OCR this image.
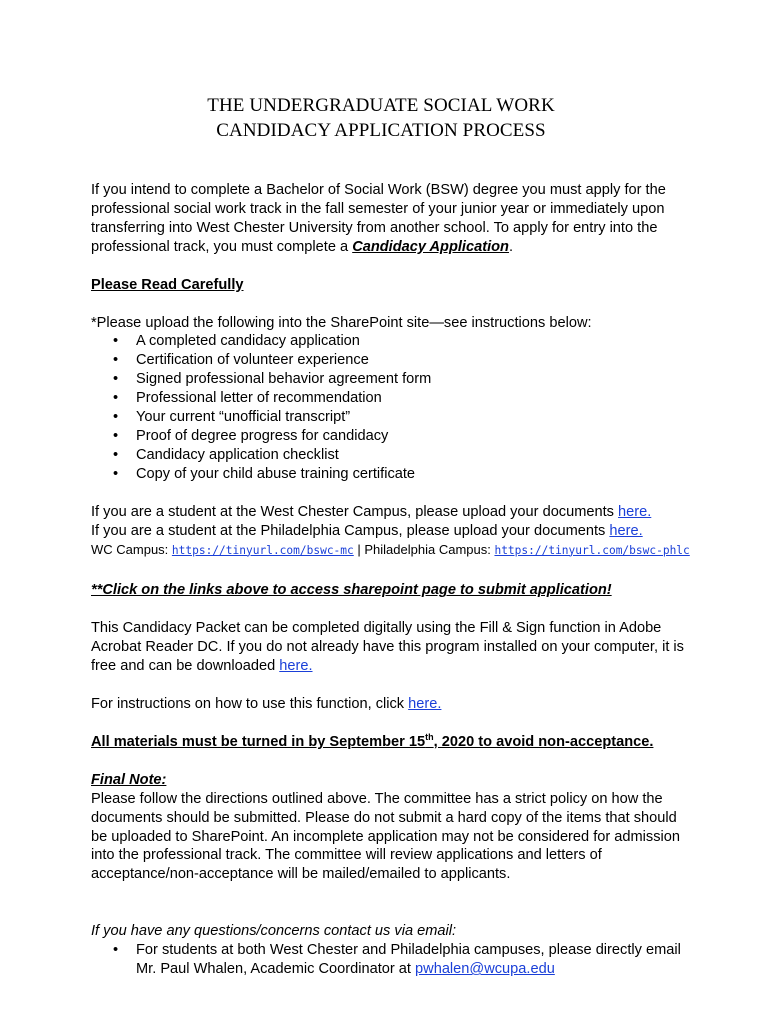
THE UNDERGRADUATE SOCIAL WORK
CANDIDACY APPLICATION PROCESS

If you intend to complete a Bachelor of Social Work (BSW) degree you must apply for the professional social work track in the fall semester of your junior year or immediately upon transferring into West Chester University from another school. To apply for entry into the professional track, you must complete a Candidacy Application.

Please Read Carefully

*Please upload the following into the SharePoint site—see instructions below:

• A completed candidacy application
• Certification of volunteer experience
• Signed professional behavior agreement form
• Professional letter of recommendation
• Your current “unofficial transcript”
• Proof of degree progress for candidacy
• Candidacy application checklist
• Copy of your child abuse training certificate

If you are a student at the West Chester Campus, please upload your documents here.

If you are a student at the Philadelphia Campus, please upload your documents here.

WC Campus: https://tinyurl.com/bswc-mc | Philadelphia Campus: https://tinyurl.com/bswc-phlc

**Click on the links above to access sharepoint page to submit application!

This Candidacy Packet can be completed digitally using the Fill & Sign function in Adobe Acrobat Reader DC. If you do not already have this program installed on your computer, it is free and can be downloaded here.

For instructions on how to use this function, click here.

All materials must be turned in by September 15th, 2020 to avoid non-acceptance.

Final Note:

Please follow the directions outlined above. The committee has a strict policy on how the documents should be submitted. Please do not submit a hard copy of the items that should be uploaded to SharePoint. An incomplete application may not be considered for admission into the professional track. The committee will review applications and letters of acceptance/non-acceptance will be mailed/emailed to applicants.

If you have any questions/concerns contact us via email:

• For students at both West Chester and Philadelphia campuses, please directly email Mr. Paul Whalen, Academic Coordinator at pwhalen@wcupa.edu
